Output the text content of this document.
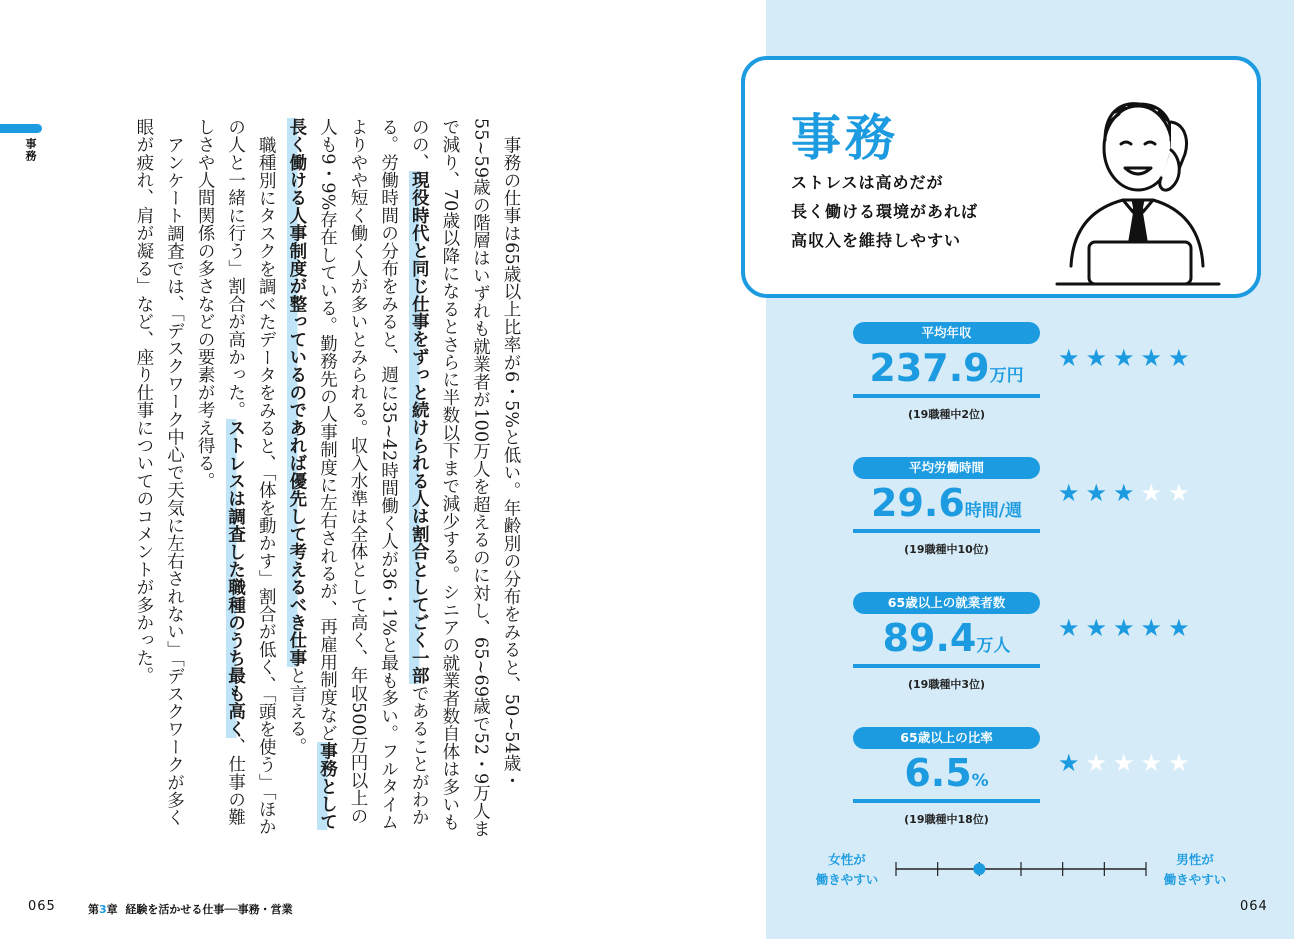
事務	事務の仕事は65歳以上比率が6・5%と低い。年齢別の分布をみると、50~54歳・55~59歳の階層はいずれも就業者が100万人を超えるのに対し、65~69歳で52・9万人まで減り、70歳以降になるとさらに半数以下まで減少する。シニアの就業者数自体は多いものの、現役時代と同じ仕事をずっと続けられる人は割合としてごく一部であることがわかる。労働時間の分布をみると、週に35~42時間働く人が36・1%と最も多い。フルタイムよりやや短く働く人が多いとみられる。収入水準は全体として高く、年収500万円以上の人も9・9%存在している。勤務先の人事制度に左右されるが、再雇用制度など事務として長く働ける人事制度が整っているのであれば優先して考えるべき仕事と言える。

職種別にタスクを調べたデータをみると、「体を動かす」割合が低く、「頭を使う」「ほかの人と一緒に行う」割合が高かった。ストレスは調査した職種のうち最も高く、仕事の難しさや人間関係の多さなどの要素が考え得る。

アンケート調査では、「デスクワーク中心で天気に左右されない」「デスクワークが多く眼が疲れ、肩が凝る」など、座り仕事についてのコメントが多かった。

065	第3章 経験を活かせる仕事──事務・営業
事務
ストレスは高めだが
長く働ける環境があれば
高収入を維持しやすい
平均年収
237.9万円
(19職種中2位)
★★★★★
平均労働時間
29.6時間/週
(19職種中10位)
★★★★★
65歳以上の就業者数
89.4万人
(19職種中3位)
★★★★★
65歳以上の比率
6.5%
(19職種中18位)
★★★★★
女性が
働きやすい
男性が
働きやすい
064
